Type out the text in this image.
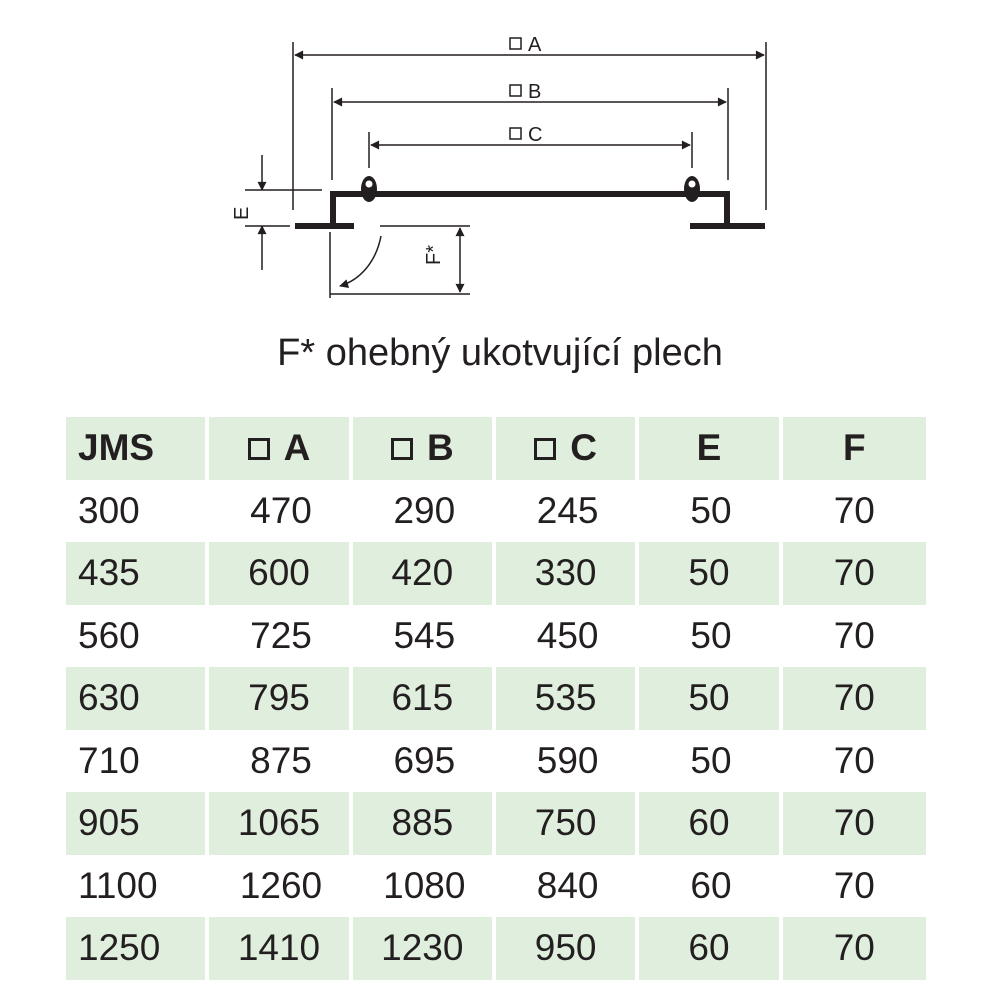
A
B
C
E
F*
F* ohebný ukotvující plech
JMS	A	B	C	E	F
300	470	290	245	50	70
435	600	420	330	50	70
560	725	545	450	50	70
630	795	615	535	50	70
710	875	695	590	50	70
905	1065	885	750	60	70
1100	1260	1080	840	60	70
1250	1410	1230	950	60	70
